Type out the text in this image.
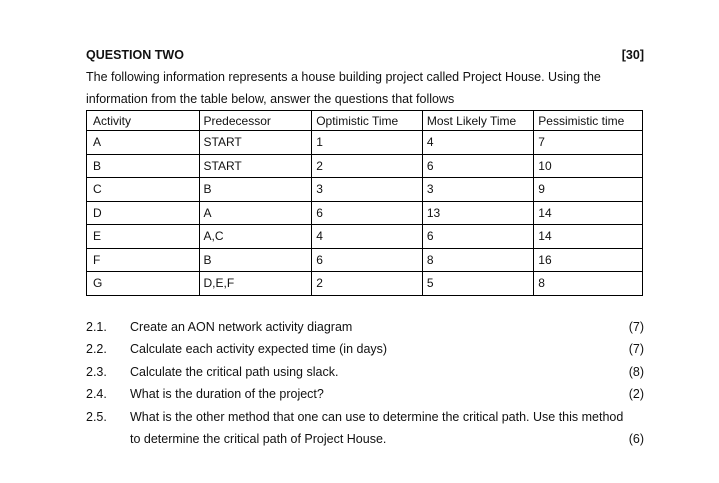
QUESTION TWO	[30]

The following information represents a house building project called Project House. Using the

information from the table below, answer the questions that follows

Activity	Predecessor	Optimistic Time	Most Likely Time	Pessimistic time
A	START	1	4	7
B	START	2	6	10
C	B	3	3	9
D	A	6	13	14
E	A,C	4	6	14
F	B	6	8	16
G	D,E,F	2	5	8
2.1.	Create an AON network activity diagram	(7)
2.2.	Calculate each activity expected time (in days)	(7)
2.3.	Calculate the critical path using slack.	(8)
2.4.	What is the duration of the project?	(2)
2.5.	What is the other method that one can use to determine the critical path. Use this method
to determine the critical path of Project House.	(6)
